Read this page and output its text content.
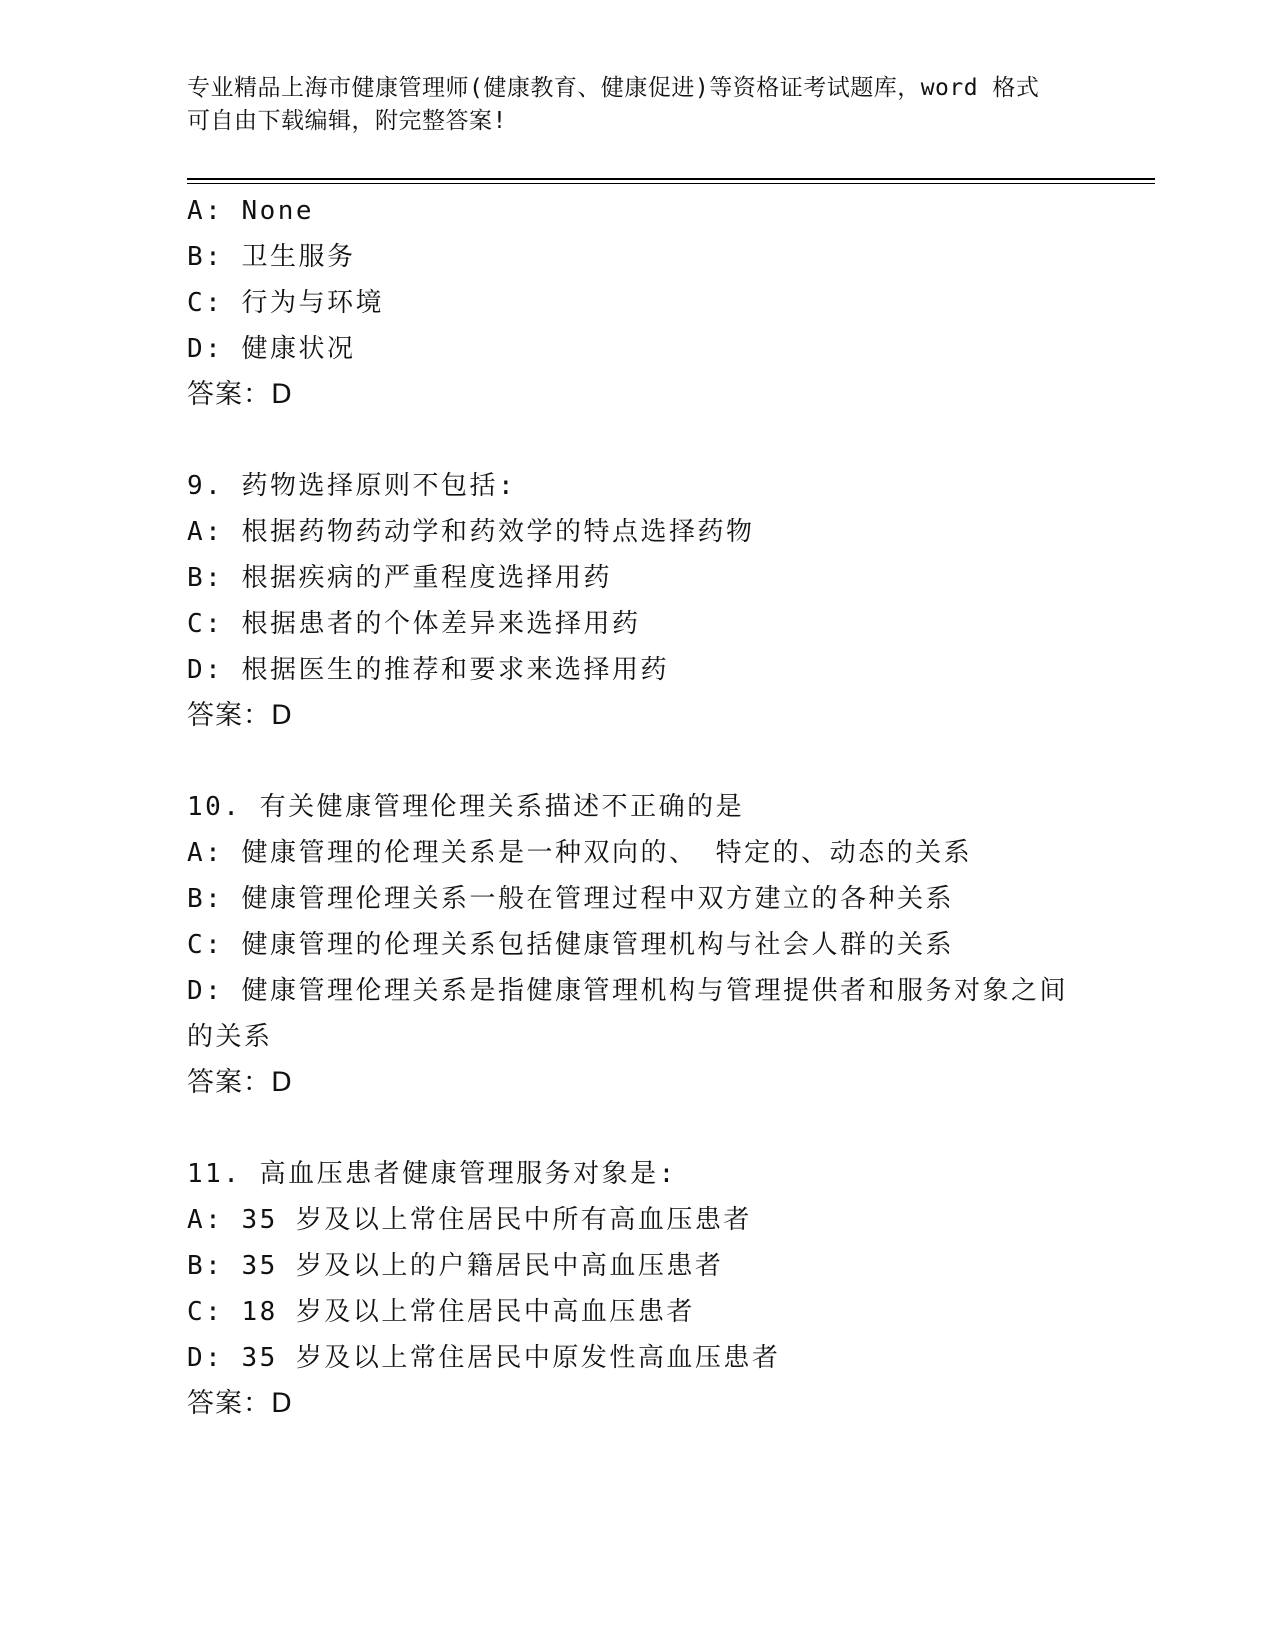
专业精品上海市健康管理师(健康教育、健康促进)等资格证考试题库，word 格式
可自由下载编辑，附完整答案!
A: None
B: 卫生服务
C: 行为与环境
D: 健康状况
答案：D
9. 药物选择原则不包括:
A: 根据药物药动学和药效学的特点选择药物
B: 根据疾病的严重程度选择用药
C: 根据患者的个体差异来选择用药
D: 根据医生的推荐和要求来选择用药
答案：D
10. 有关健康管理伦理关系描述不正确的是
A: 健康管理的伦理关系是一种双向的、 特定的、动态的关系
B: 健康管理伦理关系一般在管理过程中双方建立的各种关系
C: 健康管理的伦理关系包括健康管理机构与社会人群的关系
D: 健康管理伦理关系是指健康管理机构与管理提供者和服务对象之间
的关系
答案：D
11. 高血压患者健康管理服务对象是:
A: 35 岁及以上常住居民中所有高血压患者
B: 35 岁及以上的户籍居民中高血压患者
C: 18 岁及以上常住居民中高血压患者
D: 35 岁及以上常住居民中原发性高血压患者
答案：D
